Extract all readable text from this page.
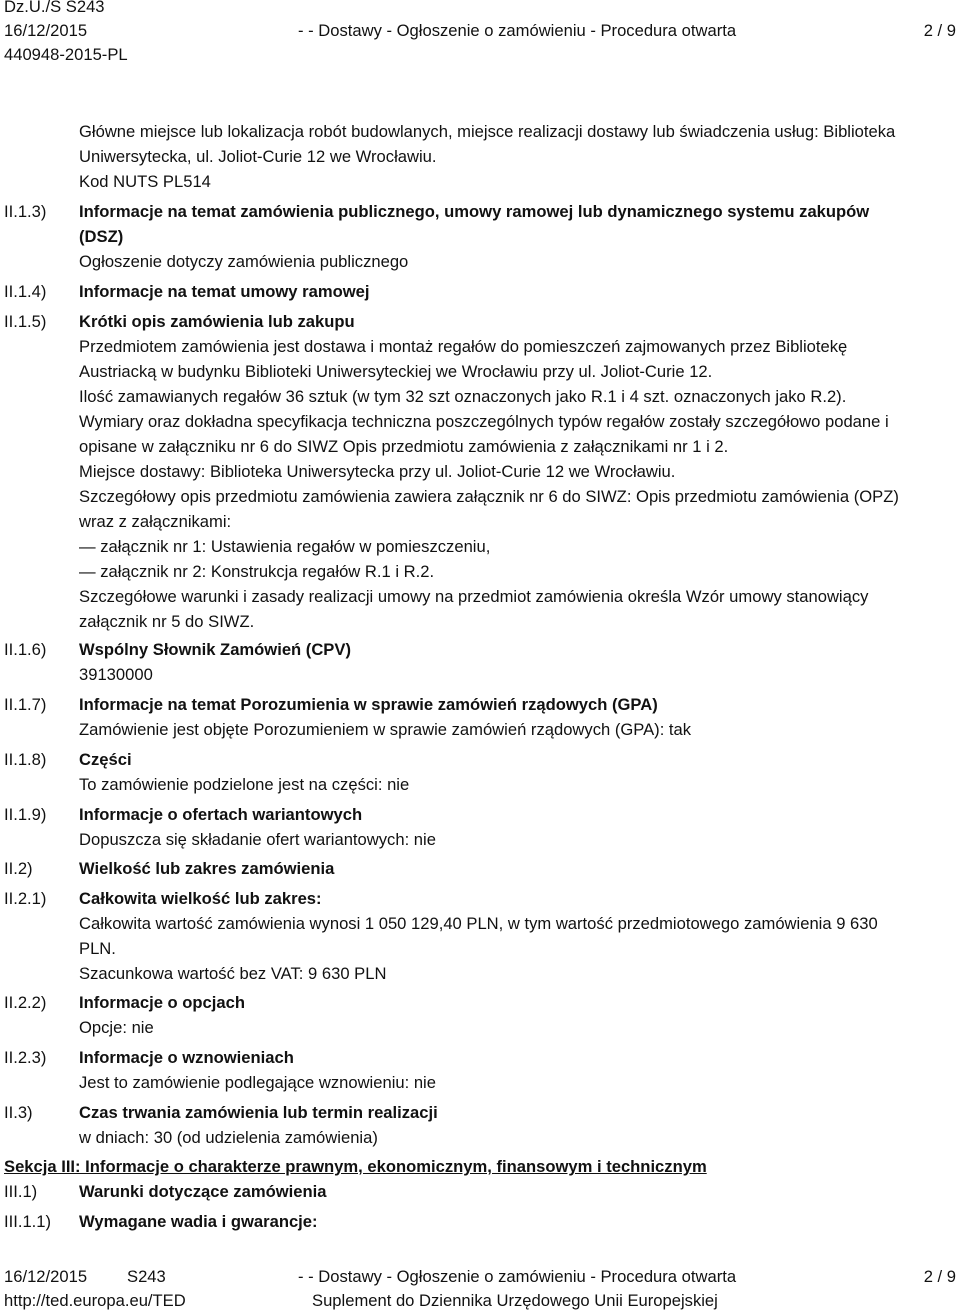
Dz.U./S S243
16/12/2015
440948-2015-PL
- - Dostawy - Ogłoszenie o zamówieniu - Procedura otwarta	2 / 9
Główne miejsce lub lokalizacja robót budowlanych, miejsce realizacji dostawy lub świadczenia usług: Biblioteka
Uniwersytecka, ul. Joliot-Curie 12 we Wrocławiu.
Kod NUTS PL514
II.1.3) Informacje na temat zamówienia publicznego, umowy ramowej lub dynamicznego systemu zakupów
(DSZ)
Ogłoszenie dotyczy zamówienia publicznego
II.1.4) Informacje na temat umowy ramowej
II.1.5) Krótki opis zamówienia lub zakupu
Przedmiotem zamówienia jest dostawa i montaż regałów do pomieszczeń zajmowanych przez Bibliotekę
Austriacką w budynku Biblioteki Uniwersyteckiej we Wrocławiu przy ul. Joliot-Curie 12.
Ilość zamawianych regałów 36 sztuk (w tym 32 szt oznaczonych jako R.1 i 4 szt. oznaczonych jako R.2).
Wymiary oraz dokładna specyfikacja techniczna poszczególnych typów regałów zostały szczegółowo podane i
opisane w załączniku nr 6 do SIWZ Opis przedmiotu zamówienia z załącznikami nr 1 i 2.
Miejsce dostawy: Biblioteka Uniwersytecka przy ul. Joliot-Curie 12 we Wrocławiu.
Szczegółowy opis przedmiotu zamówienia zawiera załącznik nr 6 do SIWZ: Opis przedmiotu zamówienia (OPZ)
wraz z załącznikami:
— załącznik nr 1: Ustawienia regałów w pomieszczeniu,
— załącznik nr 2: Konstrukcja regałów R.1 i R.2.
Szczegółowe warunki i zasady realizacji umowy na przedmiot zamówienia określa Wzór umowy stanowiący
załącznik nr 5 do SIWZ.
II.1.6) Wspólny Słownik Zamówień (CPV)
39130000
II.1.7) Informacje na temat Porozumienia w sprawie zamówień rządowych (GPA)
Zamówienie jest objęte Porozumieniem w sprawie zamówień rządowych (GPA): tak
II.1.8) Części
To zamówienie podzielone jest na części: nie
II.1.9) Informacje o ofertach wariantowych
Dopuszcza się składanie ofert wariantowych: nie
II.2)	Wielkość lub zakres zamówienia
II.2.1) Całkowita wielkość lub zakres:
Całkowita wartość zamówienia wynosi 1 050 129,40 PLN, w tym wartość przedmiotowego zamówienia 9 630
PLN.
Szacunkowa wartość bez VAT: 9 630 PLN
II.2.2) Informacje o opcjach
Opcje: nie
II.2.3) Informacje o wznowieniach
Jest to zamówienie podlegające wznowieniu: nie
II.3)	Czas trwania zamówienia lub termin realizacji
w dniach: 30 (od udzielenia zamówienia)
Sekcja III: Informacje o charakterze prawnym, ekonomicznym, finansowym i technicznym
III.1)	Warunki dotyczące zamówienia
III.1.1) Wymagane wadia i gwarancje:
16/12/2015 S243	- - Dostawy - Ogłoszenie o zamówieniu - Procedura otwarta	2 / 9
http://ted.europa.eu/TED	Suplement do Dziennika Urzędowego Unii Europejskiej
